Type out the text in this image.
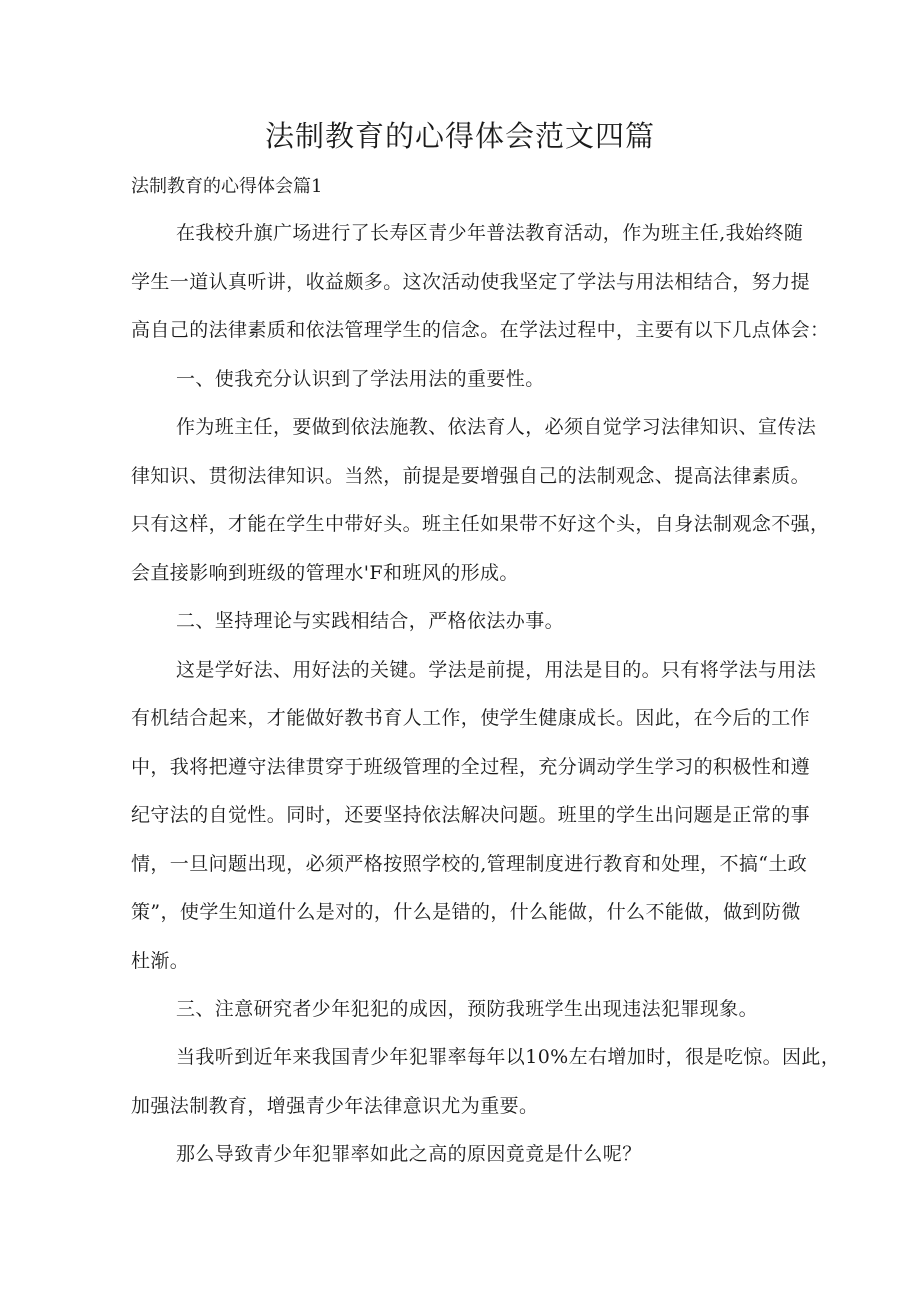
法制教育的心得体会范文四篇

法制教育的心得体会篇1

在我校升旗广场进行了长寿区青少年普法教育活动，作为班主任,我始终随

学生一道认真听讲，收益颇多。这次活动使我坚定了学法与用法相结合，努力提

高自己的法律素质和依法管理学生的信念。在学法过程中，主要有以下几点体会：

一、使我充分认识到了学法用法的重要性。

作为班主任，要做到依法施教、依法育人，必须自觉学习法律知识、宣传法

律知识、贯彻法律知识。当然，前提是要增强自己的法制观念、提高法律素质。

只有这样，才能在学生中带好头。班主任如果带不好这个头，自身法制观念不强，

会直接影响到班级的管理水'F和班风的形成。

二、坚持理论与实践相结合，严格依法办事。

这是学好法、用好法的关键。学法是前提，用法是目的。只有将学法与用法

有机结合起来，才能做好教书育人工作，使学生健康成长。因此，在今后的工作

中，我将把遵守法律贯穿于班级管理的全过程，充分调动学生学习的积极性和遵

纪守法的自觉性。同时，还要坚持依法解决问题。班里的学生出问题是正常的事

情，一旦问题出现，必须严格按照学校的,管理制度进行教育和处理，不搞“土政

策”，使学生知道什么是对的，什么是错的，什么能做，什么不能做，做到防微

杜渐。

三、注意研究者少年犯犯的成因，预防我班学生出现违法犯罪现象。

当我听到近年来我国青少年犯罪率每年以10%左右增加时，很是吃惊。因此，

加强法制教育，增强青少年法律意识尤为重要。

那么导致青少年犯罪率如此之高的原因竟竟是什么呢？
